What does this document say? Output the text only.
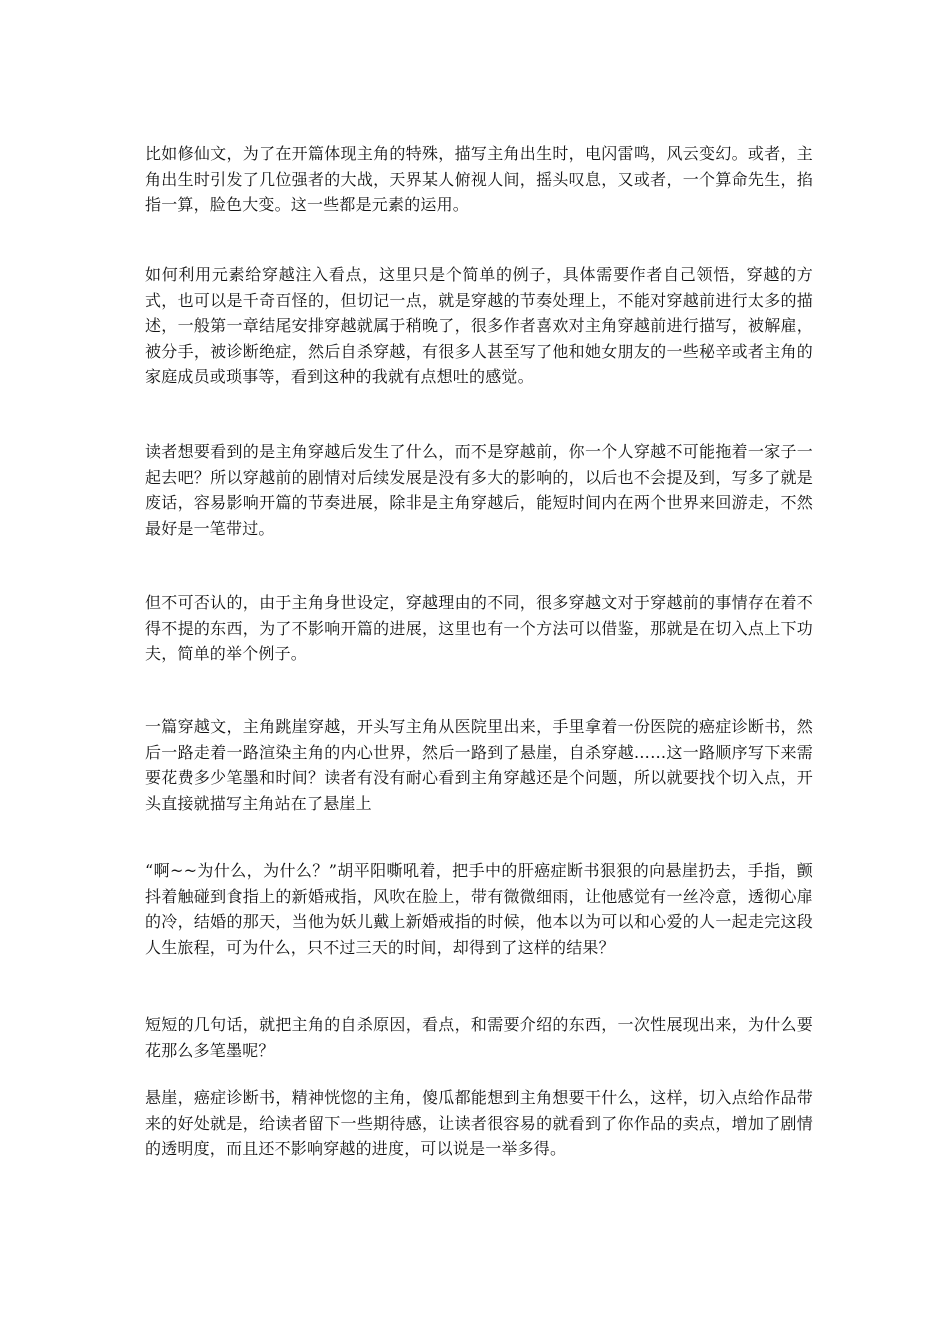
比如修仙文，为了在开篇体现主角的特殊，描写主角出生时，电闪雷鸣，风云变幻。或者，主角出生时引发了几位强者的大战，天界某人俯视人间，摇头叹息，又或者，一个算命先生，掐指一算，脸色大变。这一些都是元素的运用。

如何利用元素给穿越注入看点，这里只是个简单的例子，具体需要作者自己领悟，穿越的方式，也可以是千奇百怪的，但切记一点，就是穿越的节奏处理上，不能对穿越前进行太多的描述，一般第一章结尾安排穿越就属于稍晚了，很多作者喜欢对主角穿越前进行描写，被解雇，被分手，被诊断绝症，然后自杀穿越，有很多人甚至写了他和她女朋友的一些秘辛或者主角的家庭成员或琐事等，看到这种的我就有点想吐的感觉。

读者想要看到的是主角穿越后发生了什么，而不是穿越前，你一个人穿越不可能拖着一家子一起去吧？所以穿越前的剧情对后续发展是没有多大的影响的，以后也不会提及到，写多了就是废话，容易影响开篇的节奏进展，除非是主角穿越后，能短时间内在两个世界来回游走，不然最好是一笔带过。

但不可否认的，由于主角身世设定，穿越理由的不同，很多穿越文对于穿越前的事情存在着不得不提的东西，为了不影响开篇的进展，这里也有一个方法可以借鉴，那就是在切入点上下功夫，简单的举个例子。

一篇穿越文，主角跳崖穿越，开头写主角从医院里出来，手里拿着一份医院的癌症诊断书，然后一路走着一路渲染主角的内心世界，然后一路到了悬崖，自杀穿越……这一路顺序写下来需要花费多少笔墨和时间？读者有没有耐心看到主角穿越还是个问题，所以就要找个切入点，开头直接就描写主角站在了悬崖上

“啊~~为什么，为什么？”胡平阳嘶吼着，把手中的肝癌症断书狠狠的向悬崖扔去，手指，颤抖着触碰到食指上的新婚戒指，风吹在脸上，带有微微细雨，让他感觉有一丝冷意，透彻心扉的冷，结婚的那天，当他为妖儿戴上新婚戒指的时候，他本以为可以和心爱的人一起走完这段人生旅程，可为什么，只不过三天的时间，却得到了这样的结果？

短短的几句话，就把主角的自杀原因，看点，和需要介绍的东西，一次性展现出来，为什么要花那么多笔墨呢？

悬崖，癌症诊断书，精神恍惚的主角，傻瓜都能想到主角想要干什么，这样，切入点给作品带来的好处就是，给读者留下一些期待感，让读者很容易的就看到了你作品的卖点，增加了剧情的透明度，而且还不影响穿越的进度，可以说是一举多得。
